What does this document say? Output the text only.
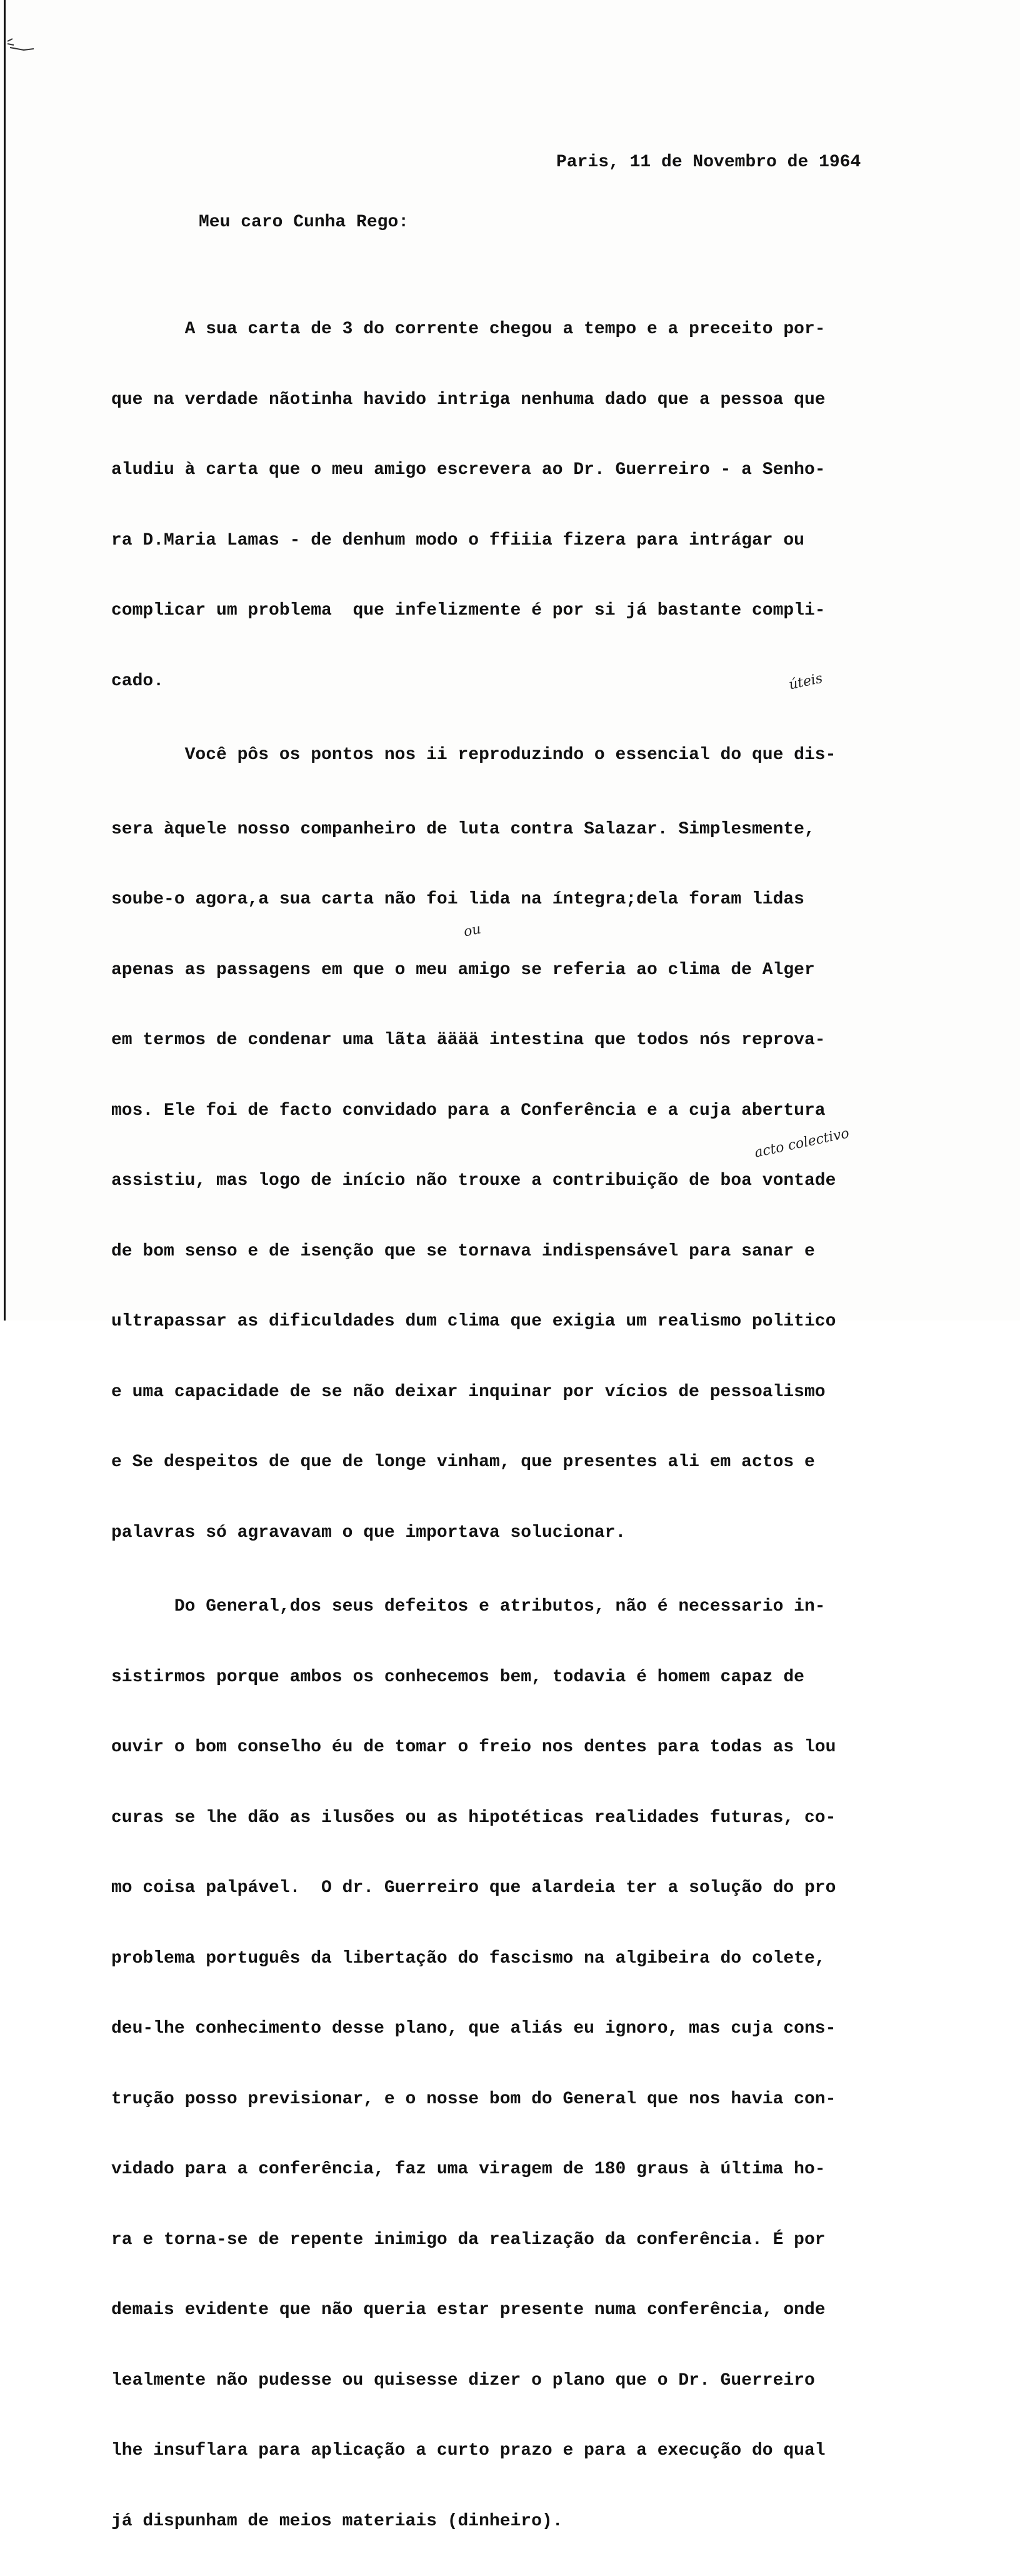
Paris, 11 de Novembro de 1964
Meu caro Cunha Rego:

A sua carta de 3 do corrente chegou a tempo e a preceito por-

que na verdade nãotinha havido intriga nenhuma dado que a pessoa que

aludiu à carta que o meu amigo escrevera ao Dr. Guerreiro - a Senho-

ra D.Maria Lamas - de denhum modo o ffiiia fizera para intrágar ou

complicar um problema  que infelizmente é por si já bastante compli-

cado.

Você pôs os pontos nos ii reproduzindo o essencial do que dis-

sera àquele nosso companheiro de luta contra Salazar. Simplesmente,

soube-o agora,a sua carta não foi lida na íntegra;dela foram lidas

apenas as passagens em que o meu amigo se referia ao clima de Alger

em termos de condenar uma lãta ääää intestina que todos nós reprova-

mos. Ele foi de facto convidado para a Conferência e a cuja abertura

assistiu, mas logo de início não trouxe a contribuição de boa vontade

de bom senso e de isenção que se tornava indispensável para sanar e

ultrapassar as dificuldades dum clima que exigia um realismo politico

e uma capacidade de se não deixar inquinar por vícios de pessoalismo

e Se despeitos de que de longe vinham, que presentes ali em actos e

palavras só agravavam o que importava solucionar.

Do General,dos seus defeitos e atributos, não é necessario in-

sistirmos porque ambos os conhecemos bem, todavia é homem capaz de

ouvir o bom conselho éu de tomar o freio nos dentes para todas as lou

curas se lhe dão as ilusões ou as hipotéticas realidades futuras, co-

mo coisa palpável.  O dr. Guerreiro que alardeia ter a solução do pro

problema português da libertação do fascismo na algibeira do colete,

deu-lhe conhecimento desse plano, que aliás eu ignoro, mas cuja cons-

trução posso previsionar, e o nosse bom do General que nos havia con-

vidado para a conferência, faz uma viragem de 180 graus à última ho-

ra e torna-se de repente inimigo da realização da conferência. É por

demais evidente que não queria estar presente numa conferência, onde

lealmente não pudesse ou quisesse dizer o plano que o Dr. Guerreiro

lhe insuflara para aplicação a curto prazo e para a execução do qual

já dispunham de meios materiais (dinheiro).

úteis
ou
acto colectivo
